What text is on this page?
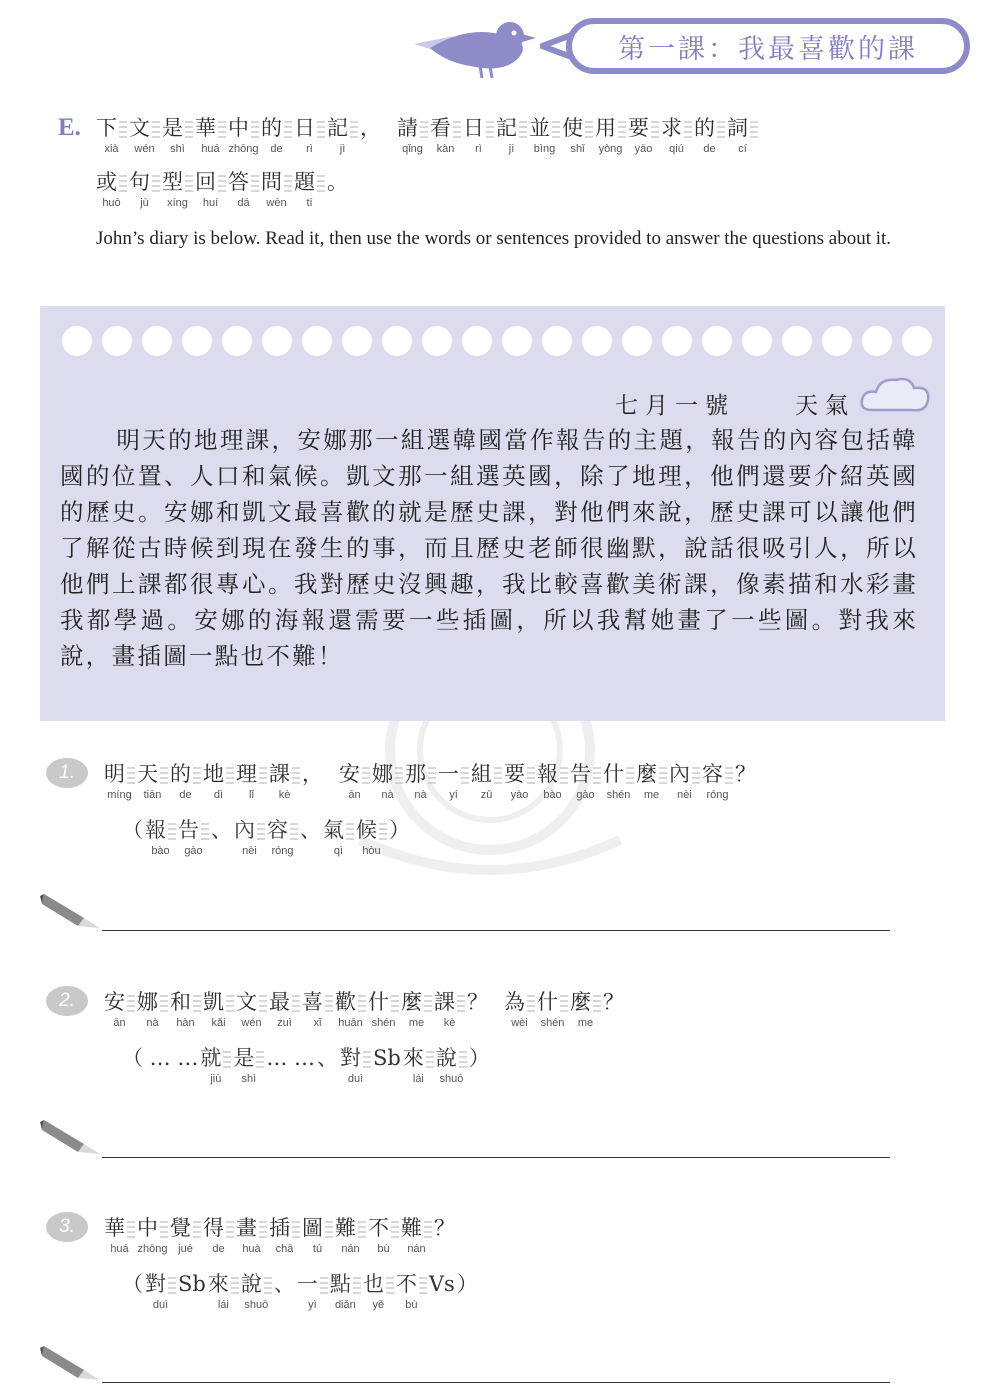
第一課：我最喜歡的課
E. 下
xià
文
wén
是
shì
華
huá
中
zhōng
的
de
日
rì
記
jì
， 請
qǐng
看
kàn
日
rì
記
jì
並
bìng
使
shǐ
用
yòng
要
yāo
求
qiú
的
de
詞
cí
或
huò
句
jù
型
xíng
回
huí
答
dá
問
wèn
題
tí
。
John’s diary is below. Read it, then use the words or sentences provided to answer the questions about it.
七月一號　　天氣

明天的地理課，安娜那一組選韓國當作報告的主題，報告的內容包括韓國的位置、人口和氣候。凱文那一組選英國，除了地理，他們還要介紹英國的歷史。安娜和凱文最喜歡的就是歷史課，對他們來說，歷史課可以讓他們了解從古時候到現在發生的事，而且歷史老師很幽默，說話很吸引人，所以他們上課都很專心。我對歷史沒興趣，我比較喜歡美術課，像素描和水彩畫我都學過。安娜的海報還需要一些插圖，所以我幫她畫了一些圖。對我來說，畫插圖一點也不難！

1.	明
míng
天
tiān
的
de
地
dì
理
lǐ
課
kè
， 安
ān
娜
nà
那
nà
一
yí
組
zǔ
要
yào
報
bào
告
gào
什
shén
麼
me
內
nèi
容
róng
？
（ 報
bào
告
gào
、 內
nèi
容
róng
、 氣
qì
候
hòu
）
2.	安
ān
娜
nà
和
hàn
凱
kǎi
文
wén
最
zuì
喜
xǐ
歡
huān
什
shén
麼
me
課
kè
？ 為
wèi
什
shén
麼
me
？
（ … … 就
jiù
是
shì
… … 、 對
duì
Sb 來
lái
說
shuō
）
3.	華
huá
中
zhōng
覺
jué
得
de
畫
huà
插
chā
圖
tú
難
nán
不
bù
難
nán
？
（ 對
duì
Sb 來
lái
說
shuō
、 一
yì
點
diǎn
也
yě
不
bù
Vs ）
